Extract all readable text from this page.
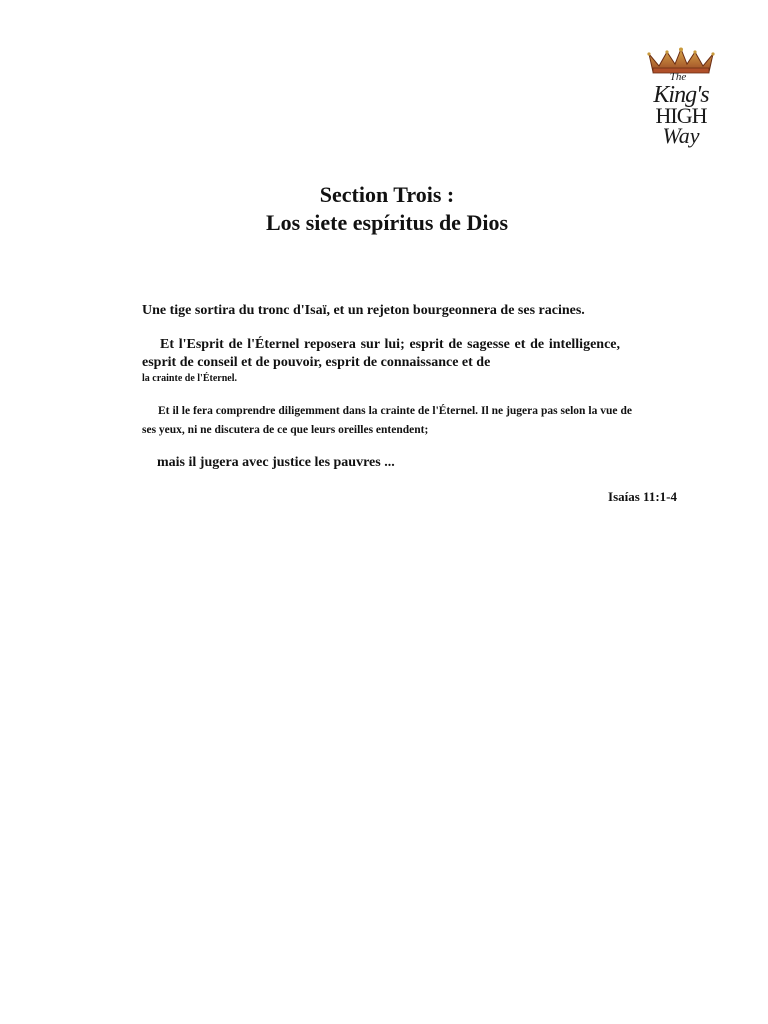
The
King's
HIGH
Way
Section Trois :
Los siete espíritus de Dios
Une tige sortira du tronc d'Isaï, et un rejeton bourgeonnera de ses racines.
Et l'Esprit de l'Éternel reposera sur lui; esprit de sagesse et de intelligence, esprit de conseil et de pouvoir, esprit de connaissance et de
la crainte de l'Éternel.
Et il le fera comprendre diligemment dans la crainte de l'Éternel. Il ne jugera pas selon la vue de ses yeux, ni ne discutera de ce que leurs oreilles entendent;
mais il jugera avec justice les pauvres ...
Isaías 11:1-4
